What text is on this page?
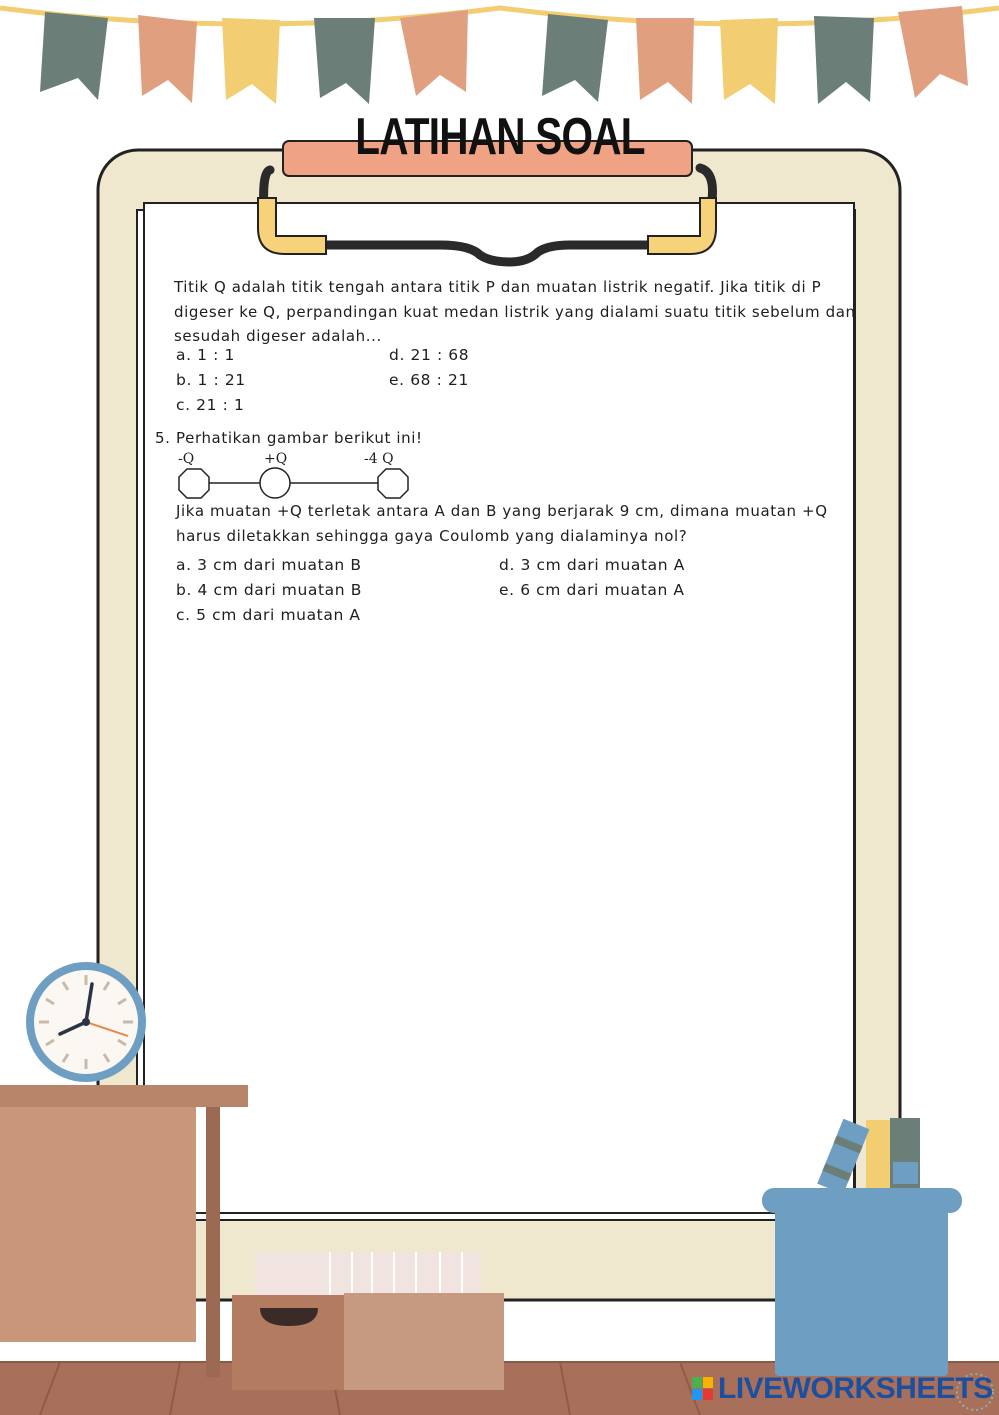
LATIHAN SOAL
Titik Q adalah titik tengah antara titik P dan muatan listrik negatif. Jika titik di P
digeser ke Q, perpandingan kuat medan listrik yang dialami suatu titik sebelum dan
sesudah digeser adalah...
a. 1 : 1
b. 1 : 21
c. 21 : 1
d. 21 : 68
e. 68 : 21
5. Perhatikan gambar berikut ini!
-Q	+Q	-4 Q
Jika muatan +Q terletak antara A dan B yang berjarak 9 cm, dimana muatan +Q
harus diletakkan sehingga gaya Coulomb yang dialaminya nol?
a. 3 cm dari muatan B
b. 4 cm dari muatan B
c. 5 cm dari muatan A
d. 3 cm dari muatan A
e. 6 cm dari muatan A
LIVEWORKSHEETS
